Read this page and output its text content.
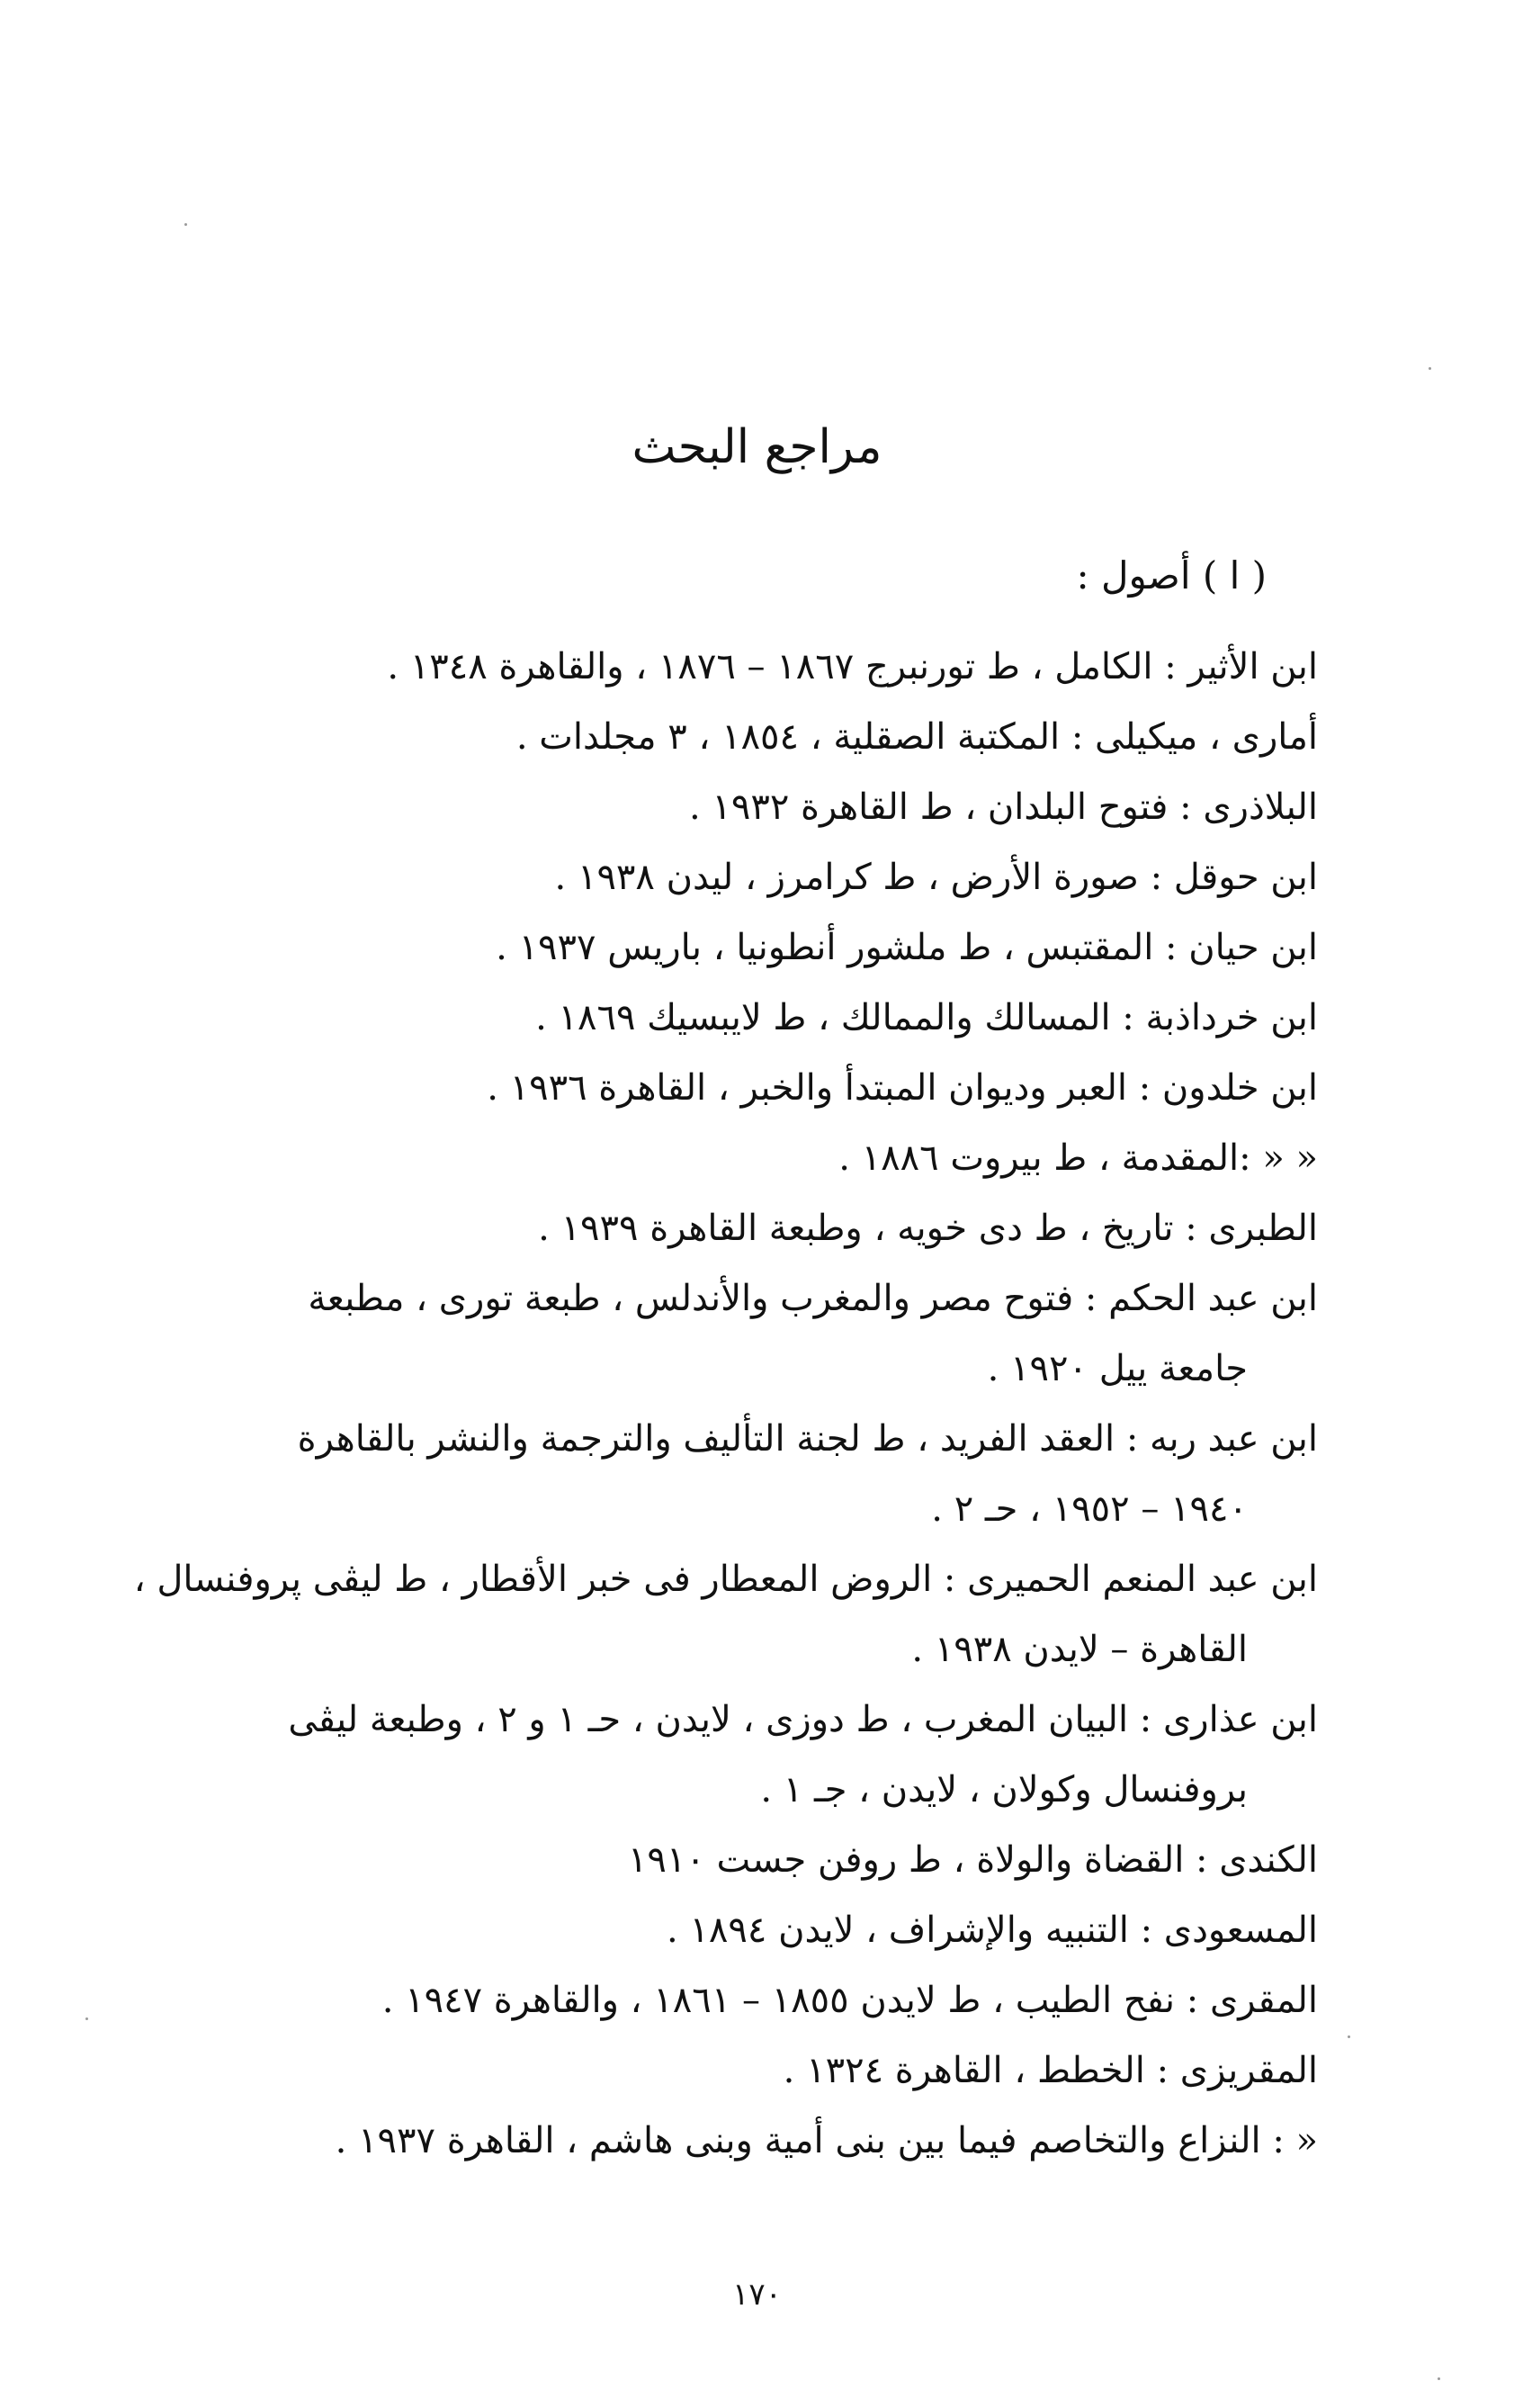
مراجع البحث
( ا ) أصول :
ابن الأثير : الكامل ، ط تورنبرج ١٨٦٧ – ١٨٧٦ ، والقاهرة ١٣٤٨ .
أمارى ، ميكيلى : المكتبة الصقلية ، ١٨٥٤ ، ٣ مجلدات .
البلاذرى : فتوح البلدان ، ط القاهرة ١٩٣٢ .
ابن حوقل : صورة الأرض ، ط كرامرز ، ليدن ١٩٣٨ .
ابن حيان : المقتبس ، ط ملشور أنطونيا ، باريس ١٩٣٧ .
ابن خرداذبة : المسالك والممالك ، ط لايبسيك ١٨٦٩ .
ابن خلدون : العبر وديوان المبتدأ والخبر ، القاهرة ١٩٣٦ .
« « :المقدمة ، ط بيروت ١٨٨٦ .
الطبرى : تاريخ ، ط دى خويه ، وطبعة القاهرة ١٩٣٩ .
ابن عبد الحكم : فتوح مصر والمغرب والأندلس ، طبعة تورى ، مطبعة
جامعة ييل ١٩٢٠ .
ابن عبد ربه : العقد الفريد ، ط لجنة التأليف والترجمة والنشر بالقاهرة
١٩٤٠ – ١٩٥٢ ، حـ ٢ .
ابن عبد المنعم الحميرى : الروض المعطار فى خبر الأقطار ، ط ليڤى پروفنسال ،
القاهرة – لايدن ١٩٣٨ .
ابن عذارى : البيان المغرب ، ط دوزى ، لايدن ، حـ ١ و ٢ ، وطبعة ليڤى
بروفنسال وكولان ، لايدن ، جـ ١ .
الكندى : القضاة والولاة ، ط روفن جست ١٩١٠
المسعودى : التنبيه والإشراف ، لايدن ١٨٩٤ .
المقرى : نفح الطيب ، ط لايدن ١٨٥٥ – ١٨٦١ ، والقاهرة ١٩٤٧ .
المقريزى : الخطط ، القاهرة ١٣٢٤ .
« : النزاع والتخاصم فيما بين بنى أمية وبنى هاشم ، القاهرة ١٩٣٧ .
١٧٠
